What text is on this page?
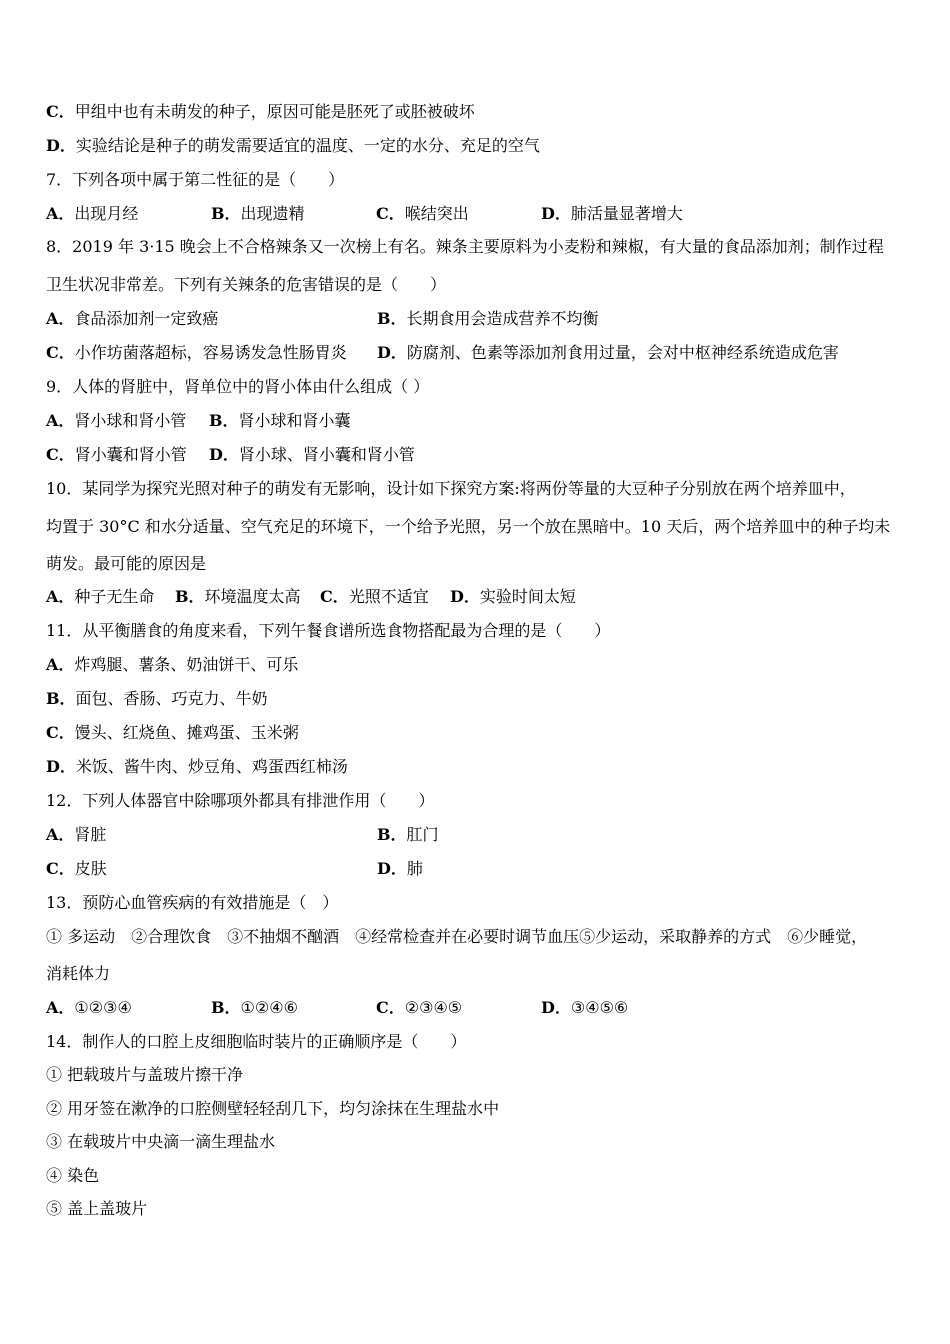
C．甲组中也有未萌发的种子，原因可能是胚死了或胚被破坏
D．实验结论是种子的萌发需要适宜的温度、一定的水分、充足的空气
7．下列各项中属于第二性征的是（　　）
A．出现月经	B．出现遗精	C．喉结突出	D．肺活量显著增大
8．2019 年 3·15 晚会上不合格辣条又一次榜上有名。辣条主要原料为小麦粉和辣椒，有大量的食品添加剂；制作过程
卫生状况非常差。下列有关辣条的危害错误的是（　　）
A．食品添加剂一定致癌	B．长期食用会造成营养不均衡
C．小作坊菌落超标，容易诱发急性肠胃炎 D．防腐剂、色素等添加剂食用过量，会对中枢神经系统造成危害
9．人体的肾脏中，肾单位中的肾小体由什么组成（ ）
A．肾小球和肾小管 B．肾小球和肾小囊
C．肾小囊和肾小管 D．肾小球、肾小囊和肾小管
10．某同学为探究光照对种子的萌发有无影响，设计如下探究方案:将两份等量的大豆种子分别放在两个培养皿中，
均置于 30°C 和水分适量、空气充足的环境下，一个给予光照，另一个放在黑暗中。10 天后，两个培养皿中的种子均未
萌发。最可能的原因是
A．种子无生命 B．环境温度太高 C．光照不适宜 D．实验时间太短
11．从平衡膳食的角度来看，下列午餐食谱所选食物搭配最为合理的是（　　）
A．炸鸡腿、薯条、奶油饼干、可乐
B．面包、香肠、巧克力、牛奶
C．馒头、红烧鱼、摊鸡蛋、玉米粥
D．米饭、酱牛肉、炒豆角、鸡蛋西红柿汤
12．下列人体器官中除哪项外都具有排泄作用（　　）
A．肾脏	B．肛门
C．皮肤	D．肺
13．预防心血管疾病的有效措施是（　）
① 多运动　②合理饮食　③不抽烟不酗酒　④经常检查并在必要时调节血压⑤少运动，采取静养的方式　⑥少睡觉，
消耗体力
A．①②③④	B．①②④⑥	C．②③④⑤	D．③④⑤⑥
14．制作人的口腔上皮细胞临时装片的正确顺序是（　　）
① 把载玻片与盖玻片擦干净
② 用牙签在漱净的口腔侧壁轻轻刮几下，均匀涂抹在生理盐水中
③ 在载玻片中央滴一滴生理盐水
④ 染色
⑤ 盖上盖玻片
